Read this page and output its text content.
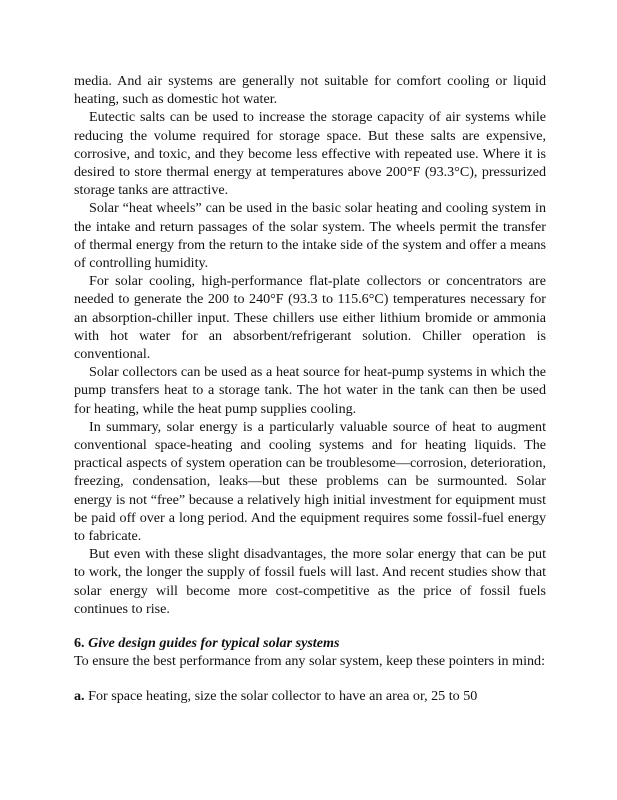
media. And air systems are generally not suitable for comfort cooling or liquid heating, such as domestic hot water.

Eutectic salts can be used to increase the storage capacity of air systems while reducing the volume required for storage space. But these salts are expensive, corrosive, and toxic, and they become less effective with repeated use. Where it is desired to store thermal energy at temperatures above 200°F (93.3°C), pressurized storage tanks are attractive.

Solar “heat wheels” can be used in the basic solar heating and cooling system in the intake and return passages of the solar system. The wheels permit the transfer of thermal energy from the return to the intake side of the system and offer a means of controlling humidity.

For solar cooling, high-performance flat-plate collectors or concentrators are needed to generate the 200 to 240°F (93.3 to 115.6°C) temperatures necessary for an absorption-chiller input. These chillers use either lithium bromide or ammonia with hot water for an absorbent/refrigerant solution. Chiller operation is conventional.

Solar collectors can be used as a heat source for heat-pump systems in which the pump transfers heat to a storage tank. The hot water in the tank can then be used for heating, while the heat pump supplies cooling.

In summary, solar energy is a particularly valuable source of heat to augment conventional space-heating and cooling systems and for heating liquids. The practical aspects of system operation can be troublesome—corrosion, deterioration, freezing, condensation, leaks—but these problems can be surmounted. Solar energy is not “free” because a relatively high initial investment for equipment must be paid off over a long period. And the equipment requires some fossil-fuel energy to fabricate.

But even with these slight disadvantages, the more solar energy that can be put to work, the longer the supply of fossil fuels will last. And recent studies show that solar energy will become more cost-competitive as the price of fossil fuels continues to rise.

6. Give design guides for typical solar systems

To ensure the best performance from any solar system, keep these pointers in mind:

a. For space heating, size the solar collector to have an area or, 25 to 50
